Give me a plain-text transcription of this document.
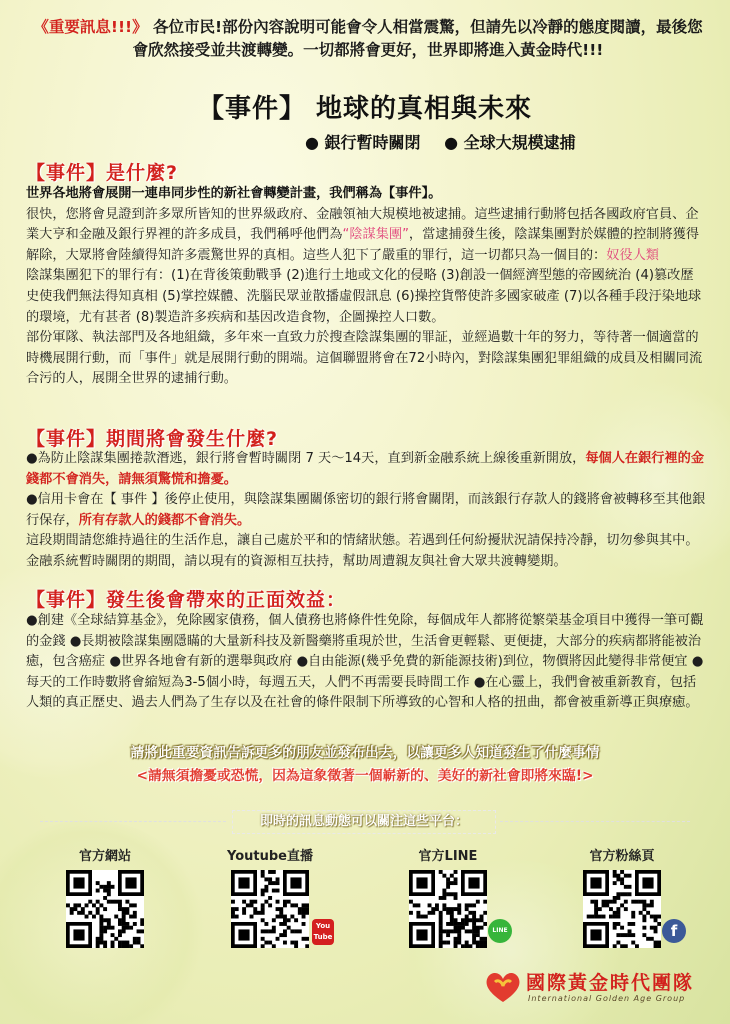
《重要訊息!!!》 各位市民!部份內容說明可能會令人相當震驚，但請先以冷靜的態度閱讀，最後您會欣然接受並共渡轉變。一切都將會更好，世界即將進入黃金時代!!!
【事件】 地球的真相與未來
● 銀行暫時關閉 ● 全球大規模逮捕
【事件】是什麼?
世界各地將會展開一連串同步性的新社會轉變計畫，我們稱為【事件】。
很快，您將會見證到許多眾所皆知的世界級政府、金融領袖大規模地被逮捕。這些逮捕行動將包括各國政府官員、企業大亨和金融及銀行界裡的許多成員，我們稱呼他們為“陰謀集團”，當逮捕發生後，陰謀集團對於媒體的控制將獲得解除，大眾將會陸續得知許多震驚世界的真相。這些人犯下了嚴重的罪行，這一切都只為一個目的：奴役人類
陰謀集團犯下的罪行有：(1)在背後策動戰爭 (2)進行土地或文化的侵略 (3)創設一個經濟型態的帝國統治 (4)篡改歷史使我們無法得知真相 (5)掌控媒體、洗腦民眾並散播虛假訊息 (6)操控貨幣使許多國家破產 (7)以各種手段汙染地球的環境，尤有甚者 (8)製造許多疾病和基因改造食物，企圖操控人口數。
部份軍隊、執法部門及各地組織，多年來一直致力於搜查陰謀集團的罪証，並經過數十年的努力，等待著一個適當的時機展開行動，而「事件」就是展開行動的開端。這個聯盟將會在72小時內，對陰謀集團犯罪組織的成員及相關同流合污的人，展開全世界的逮捕行動。
【事件】期間將會發生什麼?
●為防止陰謀集團捲款潛逃，銀行將會暫時關閉 7 天～14天，直到新金融系統上線後重新開放，每個人在銀行裡的金錢都不會消失，請無須驚慌和擔憂。
●信用卡會在【 事件 】後停止使用，與陰謀集團關係密切的銀行將會關閉，而該銀行存款人的錢將會被轉移至其他銀行保存，所有存款人的錢都不會消失。
這段期間請您維持過往的生活作息，讓自己處於平和的情緒狀態。若遇到任何紛擾狀況請保持冷靜，切勿參與其中。金融系統暫時關閉的期間，請以現有的資源相互扶持，幫助周遭親友與社會大眾共渡轉變期。
【事件】發生後會帶來的正面效益：
●創建《全球結算基金》，免除國家債務，個人債務也將條件性免除，每個成年人都將從繁榮基金項目中獲得一筆可觀的金錢 ●長期被陰謀集團隱瞞的大量新科技及新醫藥將重現於世，生活會更輕鬆、更便捷，大部分的疾病都將能被治癒，包含癌症 ●世界各地會有新的選舉與政府 ●自由能源(幾乎免費的新能源技術)到位，物價將因此變得非常便宜 ●每天的工作時數將會縮短為3-5個小時，每週五天，人們不再需要長時間工作 ●在心靈上，我們會被重新教育，包括人類的真正歷史、過去人們為了生存以及在社會的條件限制下所導致的心智和人格的扭曲，都會被重新導正與療癒。
請將此重要資訊告訴更多的朋友並發布出去，以讓更多人知道發生了什麼事情
<請無須擔憂或恐慌，因為這象徵著一個嶄新的、美好的新社會即將來臨!>
即時的訊息動態可以關注這些平台：
官方網站	Youtube直播
You Tube
官方LINE
LINE
官方粉絲頁
f
國際黃金時代團隊
International Golden Age Group
